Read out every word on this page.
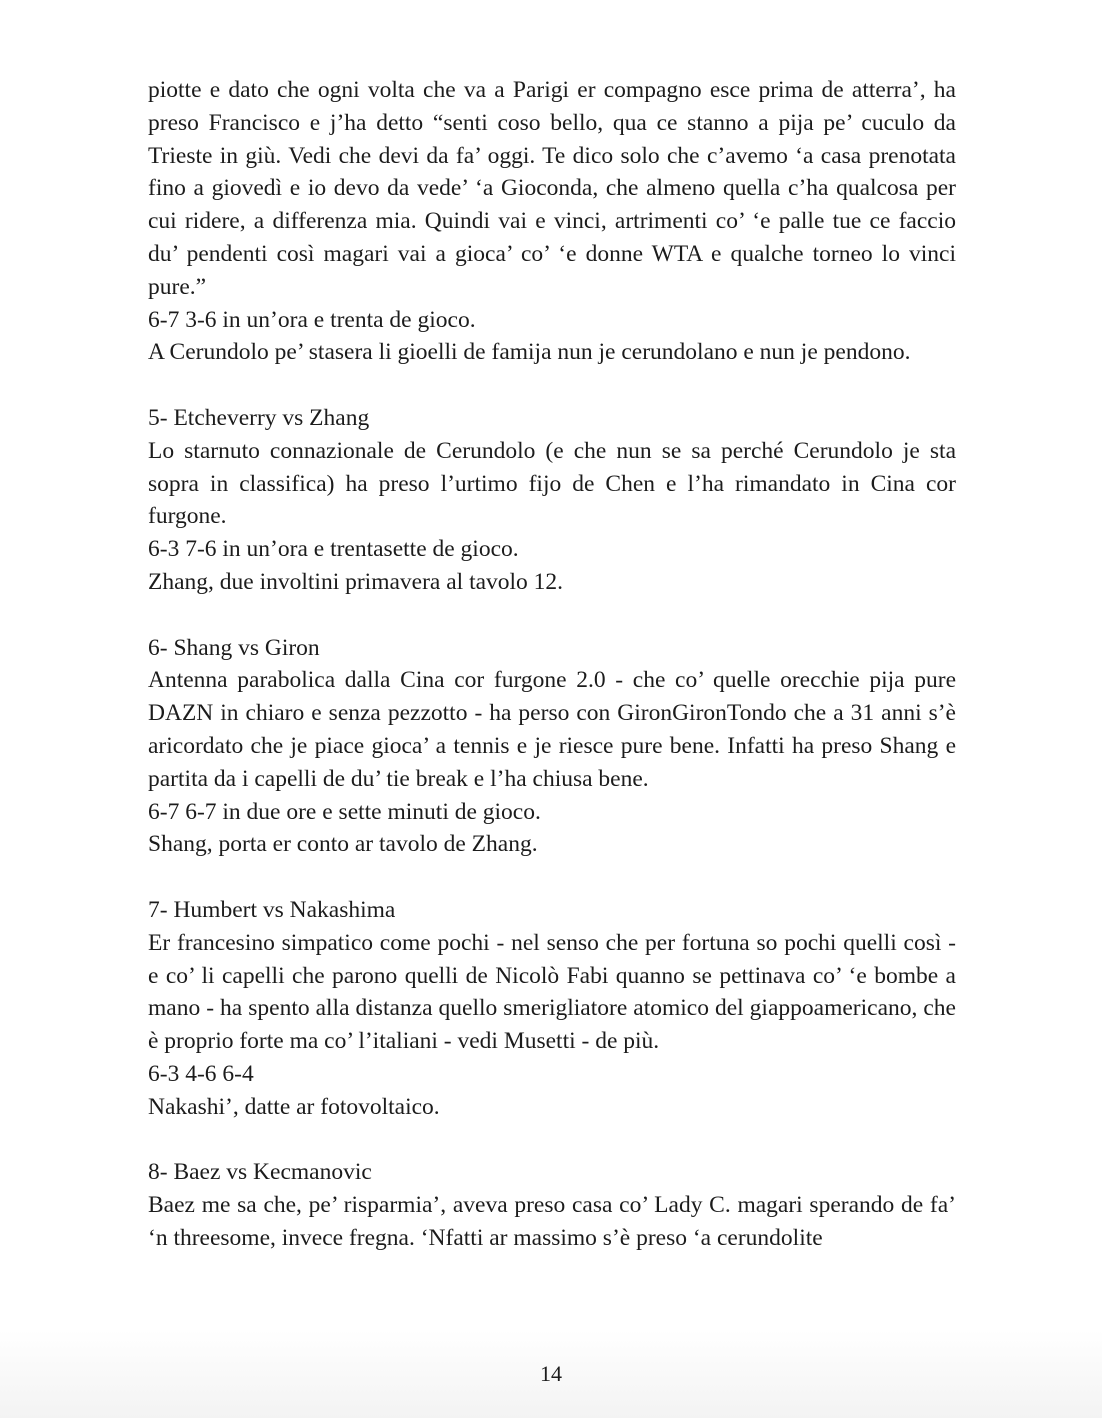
piotte e dato che ogni volta che va a Parigi er compagno esce prima de atterra’, ha preso Francisco e j’ha detto “senti coso bello, qua ce stanno a pija pe’ cuculo da Trieste in giù. Vedi che devi da fa’ oggi. Te dico solo che c’avemo ‘a casa prenotata fino a giovedì e io devo da vede’ ‘a Gioconda, che almeno quella c’ha qualcosa per cui ridere, a differenza mia. Quindi vai e vinci, artrimenti co’ ‘e palle tue ce faccio du’ pendenti così magari vai a gioca’ co’ ‘e donne WTA e qualche torneo lo vinci pure.”

6-7 3-6 in un’ora e trenta de gioco.

A Cerundolo pe’ stasera li gioelli de famija nun je cerundolano e nun je pendono.

5- Etcheverry vs Zhang

Lo starnuto connazionale de Cerundolo (e che nun se sa perché Cerundolo je sta sopra in classifica) ha preso l’urtimo fijo de Chen e l’ha rimandato in Cina cor furgone.

6-3 7-6 in un’ora e trentasette de gioco.

Zhang, due involtini primavera al tavolo 12.

6- Shang vs Giron

Antenna parabolica dalla Cina cor furgone 2.0 - che co’ quelle orecchie pija pure DAZN in chiaro e senza pezzotto - ha perso con GironGironTondo che a 31 anni s’è aricordato che je piace gioca’ a tennis e je riesce pure bene. Infatti ha preso Shang e partita da i capelli de du’ tie break e l’ha chiusa bene.

6-7 6-7 in due ore e sette minuti de gioco.

Shang, porta er conto ar tavolo de Zhang.

7- Humbert vs Nakashima

Er francesino simpatico come pochi - nel senso che per fortuna so pochi quelli così - e co’ li capelli che parono quelli de Nicolò Fabi quanno se pettinava co’ ‘e bombe a mano - ha spento alla distanza quello smerigliatore atomico del giappoamericano, che è proprio forte ma co’ l’italiani - vedi Musetti - de più.

6-3 4-6 6-4

Nakashi’, datte ar fotovoltaico.

8- Baez vs Kecmanovic

Baez me sa che, pe’ risparmia’, aveva preso casa co’ Lady C. magari sperando de fa’ ‘n threesome, invece fregna. ‘Nfatti ar massimo s’è preso ‘a cerundolite

14
